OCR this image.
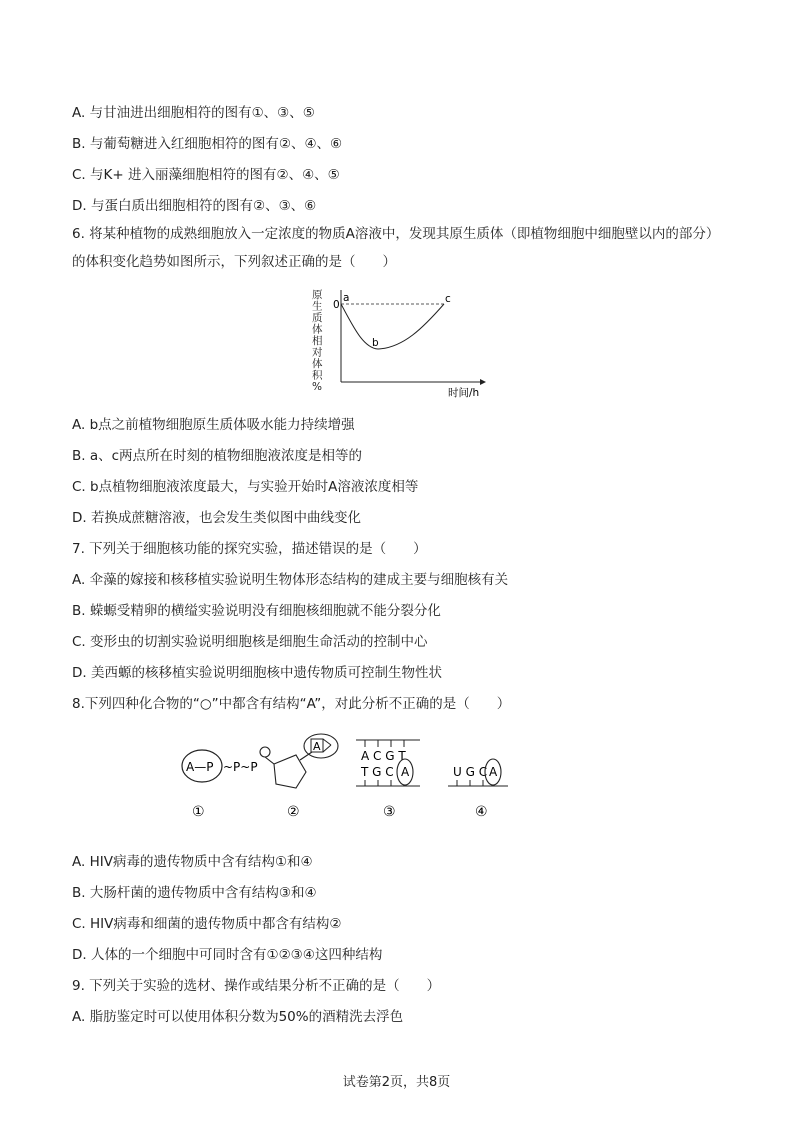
A. 与甘油进出细胞相符的图有①、③、⑤
B. 与葡萄糖进入红细胞相符的图有②、④、⑥
C. 与K+ 进入丽藻细胞相符的图有②、④、⑤
D. 与蛋白质出细胞相符的图有②、③、⑥
6. 将某种植物的成熟细胞放入一定浓度的物质A溶液中，发现其原生质体（即植物细胞中细胞壁以内的部分）的体积变化趋势如图所示，下列叙述正确的是（　　）
原
生
质
体
相
对
体
积
%
0
a
b
c
时间/h
A. b点之前植物细胞原生质体吸水能力持续增强
B. a、c两点所在时刻的植物细胞液浓度是相等的
C. b点植物细胞液浓度最大，与实验开始时A溶液浓度相等
D. 若换成蔗糖溶液，也会发生类似图中曲线变化
7. 下列关于细胞核功能的探究实验，描述错误的是（　　）
A. 伞藻的嫁接和核移植实验说明生物体形态结构的建成主要与细胞核有关
B. 蝾螈受精卵的横缢实验说明没有细胞核细胞就不能分裂分化
C. 变形虫的切割实验说明细胞核是细胞生命活动的控制中心
D. 美西螈的核移植实验说明细胞核中遗传物质可控制生物性状
8.下列四种化合物的“○”中都含有结构“A”，对此分析不正确的是（　　）
A—P ~P~P
A
A C G T
T G C A	U G C A
①	②	③	④
A. HIV病毒的遗传物质中含有结构①和④
B. 大肠杆菌的遗传物质中含有结构③和④
C. HIV病毒和细菌的遗传物质中都含有结构②
D. 人体的一个细胞中可同时含有①②③④这四种结构
9. 下列关于实验的选材、操作或结果分析不正确的是（　　）
A. 脂肪鉴定时可以使用体积分数为50%的酒精洗去浮色
试卷第2页，共8页
